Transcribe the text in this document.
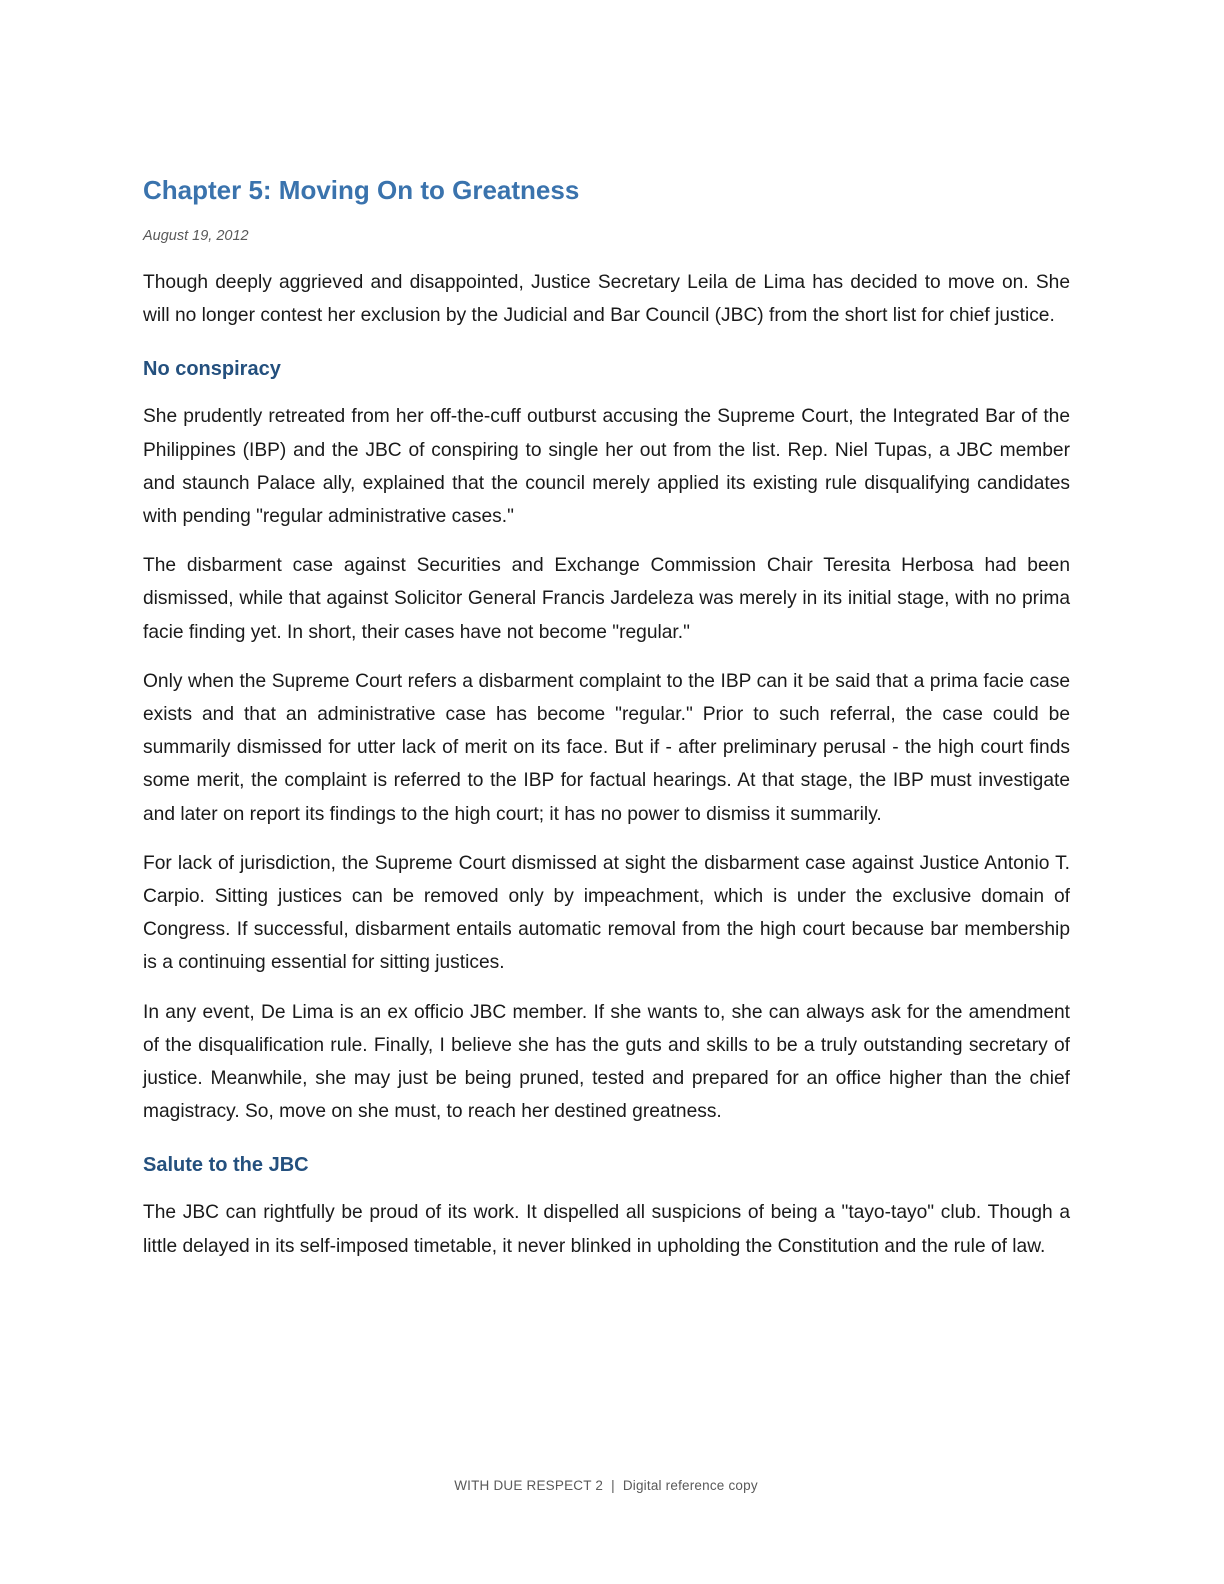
Chapter 5: Moving On to Greatness

August 19, 2012

Though deeply aggrieved and disappointed, Justice Secretary Leila de Lima has decided to move on. She will no longer contest her exclusion by the Judicial and Bar Council (JBC) from the short list for chief justice.

No conspiracy

She prudently retreated from her off-the-cuff outburst accusing the Supreme Court, the Integrated Bar of the Philippines (IBP) and the JBC of conspiring to single her out from the list. Rep. Niel Tupas, a JBC member and staunch Palace ally, explained that the council merely applied its existing rule disqualifying candidates with pending "regular administrative cases."

The disbarment case against Securities and Exchange Commission Chair Teresita Herbosa had been dismissed, while that against Solicitor General Francis Jardeleza was merely in its initial stage, with no prima facie finding yet. In short, their cases have not become "regular."

Only when the Supreme Court refers a disbarment complaint to the IBP can it be said that a prima facie case exists and that an administrative case has become "regular." Prior to such referral, the case could be summarily dismissed for utter lack of merit on its face. But if - after preliminary perusal - the high court finds some merit, the complaint is referred to the IBP for factual hearings. At that stage, the IBP must investigate and later on report its findings to the high court; it has no power to dismiss it summarily.

For lack of jurisdiction, the Supreme Court dismissed at sight the disbarment case against Justice Antonio T. Carpio. Sitting justices can be removed only by impeachment, which is under the exclusive domain of Congress. If successful, disbarment entails automatic removal from the high court because bar membership is a continuing essential for sitting justices.

In any event, De Lima is an ex officio JBC member. If she wants to, she can always ask for the amendment of the disqualification rule. Finally, I believe she has the guts and skills to be a truly outstanding secretary of justice. Meanwhile, she may just be being pruned, tested and prepared for an office higher than the chief magistracy. So, move on she must, to reach her destined greatness.

Salute to the JBC

The JBC can rightfully be proud of its work. It dispelled all suspicions of being a "tayo-tayo" club. Though a little delayed in its self-imposed timetable, it never blinked in upholding the Constitution and the rule of law.

WITH DUE RESPECT 2 | Digital reference copy
